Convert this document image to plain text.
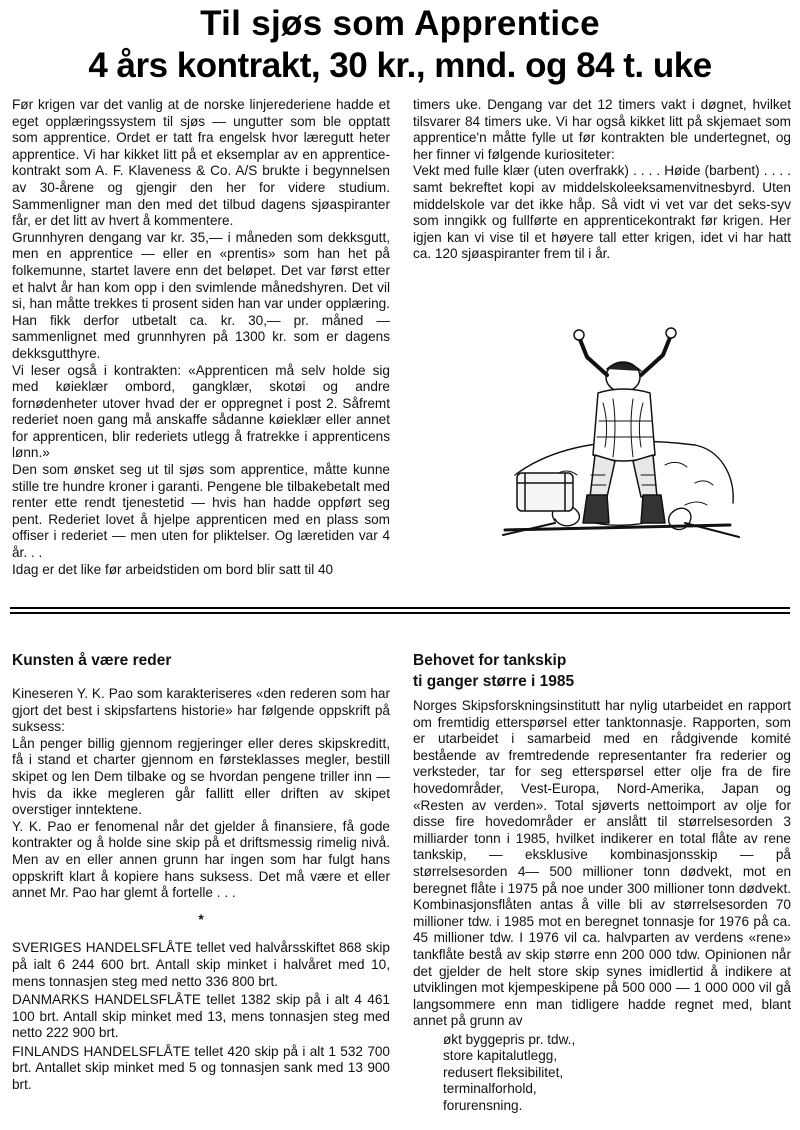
Til sjøs som Apprentice
4 års kontrakt, 30 kr., mnd. og 84 t. uke

Før krigen var det vanlig at de norske linjerederiene hadde et eget opplæringssystem til sjøs — ungutter som ble opptatt som apprentice. Ordet er tatt fra engelsk hvor læregutt heter apprentice. Vi har kikket litt på et eksemplar av en apprentice-kontrakt som A. F. Klaveness & Co. A/S brukte i begynnelsen av 30-årene og gjengir den her for videre studium. Sammenligner man den med det tilbud dagens sjøaspiranter får, er det litt av hvert å kommentere.

Grunnhyren dengang var kr. 35,— i måneden som dekksgutt, men en apprentice — eller en «prentis» som han het på folkemunne, startet lavere enn det beløpet. Det var først etter et halvt år han kom opp i den svimlende månedshyren. Det vil si, han måtte trekkes ti prosent siden han var under opplæring. Han fikk derfor utbetalt ca. kr. 30,— pr. måned — sammenlignet med grunnhyren på 1300 kr. som er dagens dekksgutthyre.

Vi leser også i kontrakten: «Apprenticen må selv holde sig med køieklær ombord, gangklær, skotøi og andre fornødenheter utover hvad der er oppregnet i post 2. Såfremt rederiet noen gang må anskaffe sådanne køieklær eller annet for apprenticen, blir rederiets utlegg å fratrekke i apprenticens lønn.»

Den som ønsket seg ut til sjøs som apprentice, måtte kunne stille tre hundre kroner i garanti. Pengene ble tilbakebetalt med renter ette rendt tjenestetid — hvis han hadde oppført seg pent. Rederiet lovet å hjelpe apprenticen med en plass som offiser i rederiet — men uten for pliktelser. Og læretiden var 4 år. . .

Idag er det like før arbeidstiden om bord blir satt til 40

timers uke. Dengang var det 12 timers vakt i døgnet, hvilket tilsvarer 84 timers uke. Vi har også kikket litt på skjemaet som apprentice'n måtte fylle ut før kontrakten ble undertegnet, og her finner vi følgende kuriositeter:

Vekt med fulle klær (uten overfrakk) . . . . Høide (barbent) . . . . samt bekreftet kopi av middelskoleeksamenvitnesbyrd. Uten middelskole var det ikke håp. Så vidt vi vet var det seks-syv som inngikk og fullførte en apprenticekontrakt før krigen. Her igjen kan vi vise til et høyere tall etter krigen, idet vi har hatt ca. 120 sjøaspiranter frem til i år.

Kunsten å være reder

Kineseren Y. K. Pao som karakteriseres «den rederen som har gjort det best i skipsfartens historie» har følgende oppskrift på suksess:

Lån penger billig gjennom regjeringer eller deres skipskreditt, få i stand et charter gjennom en førsteklasses megler, bestill skipet og len Dem tilbake og se hvordan pengene triller inn — hvis da ikke megleren går fallitt eller driften av skipet overstiger inntektene.

Y. K. Pao er fenomenal når det gjelder å finansiere, få gode kontrakter og å holde sine skip på et driftsmessig rimelig nivå. Men av en eller annen grunn har ingen som har fulgt hans oppskrift klart å kopiere hans suksess. Det må være et eller annet Mr. Pao har glemt å fortelle . . .

*

SVERIGES HANDELSFLÅTE tellet ved halvårsskiftet 868 skip på ialt 6 244 600 brt. Antall skip minket i halvåret med 10, mens tonnasjen steg med netto 336 800 brt.

DANMARKS HANDELSFLÅTE tellet 1382 skip på i alt 4 461 100 brt. Antall skip minket med 13, mens tonnasjen steg med netto 222 900 brt.

FINLANDS HANDELSFLÅTE tellet 420 skip på i alt 1 532 700 brt. Antallet skip minket med 5 og tonnasjen sank med 13 900 brt.

Behovet for tankskip
ti ganger større i 1985

Norges Skipsforskningsinstitutt har nylig utarbeidet en rapport om fremtidig etterspørsel etter tanktonnasje. Rapporten, som er utarbeidet i samarbeid med en rådgivende komité bestående av fremtredende representanter fra rederier og verksteder, tar for seg etterspørsel etter olje fra de fire hovedområder, Vest-Europa, Nord-Amerika, Japan og «Resten av verden». Total sjøverts nettoimport av olje for disse fire hovedområder er anslått til størrelsesorden 3 milliarder tonn i 1985, hvilket indikerer en total flåte av rene tankskip, — eksklusive kombinasjonsskip — på størrelsesorden 4— 500 millioner tonn dødvekt, mot en beregnet flåte i 1975 på noe under 300 millioner tonn dødvekt. Kombinasjonsflåten antas å ville bli av størrelsesorden 70 millioner tdw. i 1985 mot en beregnet tonnasje for 1976 på ca. 45 millioner tdw. I 1976 vil ca. halvparten av verdens «rene» tankflåte bestå av skip større enn 200 000 tdw. Opinionen når det gjelder de helt store skip synes imidlertid å indikere at utviklingen mot kjempeskipene på 500 000 — 1 000 000 vil gå langsommere enn man tidligere hadde regnet med, blant annet på grunn av

økt byggepris pr. tdw.,
store kapitalutlegg,
redusert fleksibilitet,
terminalforhold,
forurensning.
